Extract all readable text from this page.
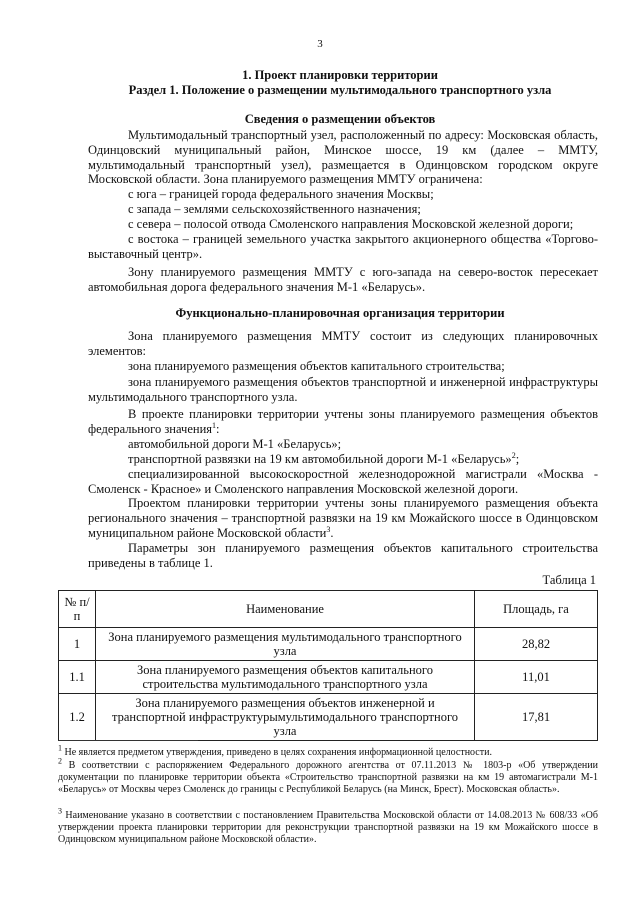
3
1. Проект планировки территории
Раздел 1. Положение о размещении мультимодального транспортного узла
Сведения о размещении объектов
Мультимодальный транспортный узел, расположенный по адресу: Московская область, Одинцовский муниципальный район, Минское шоссе, 19 км (далее – ММТУ, мультимодальный транспортный узел), размещается в Одинцовском городском округе Московской области. Зона планируемого размещения ММТУ ограничена:
с юга – границей города федерального значения Москвы;
с запада – землями сельскохозяйственного назначения;
с севера – полосой отвода Смоленского направления Московской железной дороги;
с востока – границей земельного участка закрытого акционерного общества «Торгово-выставочный центр».
Зону планируемого размещения ММТУ с юго-запада на северо-восток пересекает автомобильная дорога федерального значения М-1 «Беларусь».
Функционально-планировочная организация территории
Зона планируемого размещения ММТУ состоит из следующих планировочных элементов:
зона планируемого размещения объектов капитального строительства;
зона планируемого размещения объектов транспортной и инженерной инфраструктуры мультимодального транспортного узла.
В проекте планировки территории учтены зоны планируемого размещения объектов федерального значения$^1$:
автомобильной дороги М-1 «Беларусь»;
транспортной развязки на 19 км автомобильной дороги М-1 «Беларусь»$^2$;
специализированной высокоскоростной железнодорожной магистрали «Москва - Смоленск - Красное» и Смоленского направления Московской железной дороги.
Проектом планировки территории учтены зоны планируемого размещения объекта регионального значения – транспортной развязки на 19 км Можайского шоссе в Одинцовском муниципальном районе Московской области$^3$.
Параметры зон планируемого размещения объектов капитального строительства приведены в таблице 1.
Таблица 1
№ п/п	Наименование	Площадь, га
1	Зона планируемого размещения мультимодального транспортного узла	28,82
1.1	Зона планируемого размещения объектов капитального строительства мультимодального транспортного узла	11,01
1.2	Зона планируемого размещения объектов инженерной и транспортной инфраструктурымультимодального транспортного узла	17,81
$^1$ Не является предметом утверждения, приведено в целях сохранения информационной целостности.
$^2$ В соответствии с распоряжением Федерального дорожного агентства от 07.11.2013 № 1803-р «Об утверждении документации по планировке территории объекта «Строительство транспортной развязки на км 19 автомагистрали М-1 «Беларусь» от Москвы через Смоленск до границы с Республикой Беларусь (на Минск, Брест). Московская область».
$^3$ Наименование указано в соответствии с постановлением Правительства Московской области от 14.08.2013 № 608/33 «Об утверждении проекта планировки территории для реконструкции транспортной развязки на 19 км Можайского шоссе в Одинцовском муниципальном районе Московской области».
